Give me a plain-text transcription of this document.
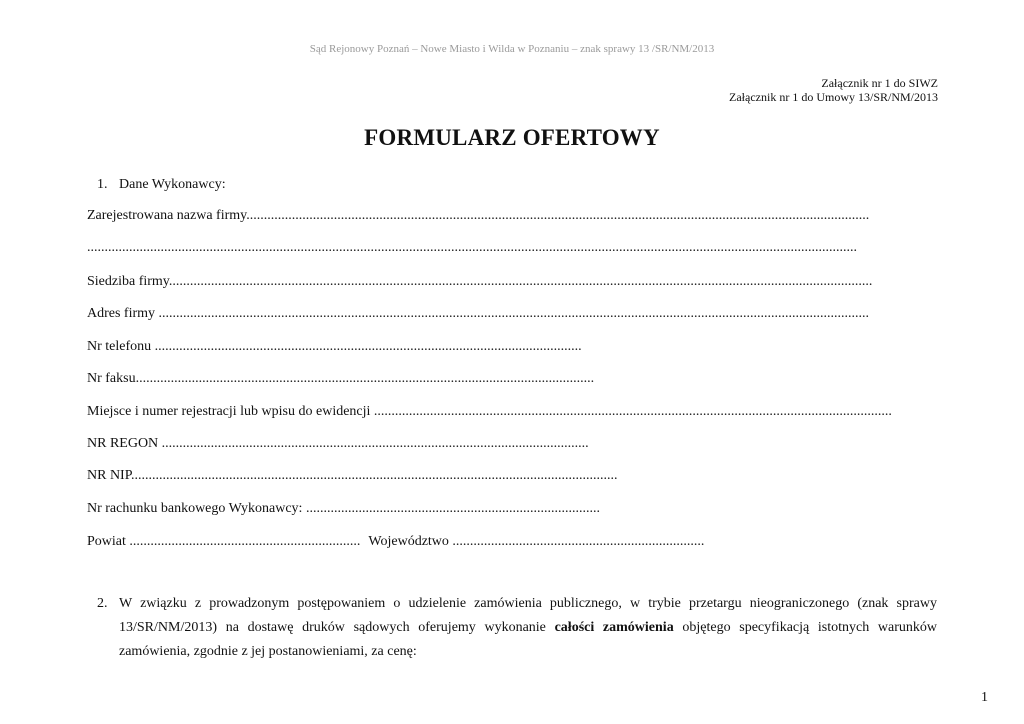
Sąd Rejonowy Poznań – Nowe Miasto i Wilda w Poznaniu – znak sprawy 13 /SR/NM/2013
Załącznik nr 1 do SIWZ
Załącznik nr 1 do Umowy 13/SR/NM/2013
FORMULARZ OFERTOWY
1. Dane Wykonawcy:
Zarejestrowana nazwa firmy..................................................................................................................................................................................
............................................................................................................................................................................................................................
Siedziba firmy.........................................................................................................................................................................................................
Adres firmy ...........................................................................................................................................................................................................
Nr telefonu ..........................................................................................................................
Nr faksu...................................................................................................................................
Miejsce i numer rejestracji lub wpisu do ewidencji ....................................................................................................................................................
NR REGON ..........................................................................................................................
NR NIP...........................................................................................................................................
Nr rachunku bankowego Wykonawcy: ....................................................................................
Powiat .................................................................. Województwo ........................................................................
2. W związku z prowadzonym postępowaniem o udzielenie zamówienia publicznego, w trybie przetargu nieograniczonego (znak sprawy 13/SR/NM/2013) na dostawę druków sądowych oferujemy wykonanie całości zamówienia objętego specyfikacją istotnych warunków zamówienia, zgodnie z jej postanowieniami, za cenę:
1
